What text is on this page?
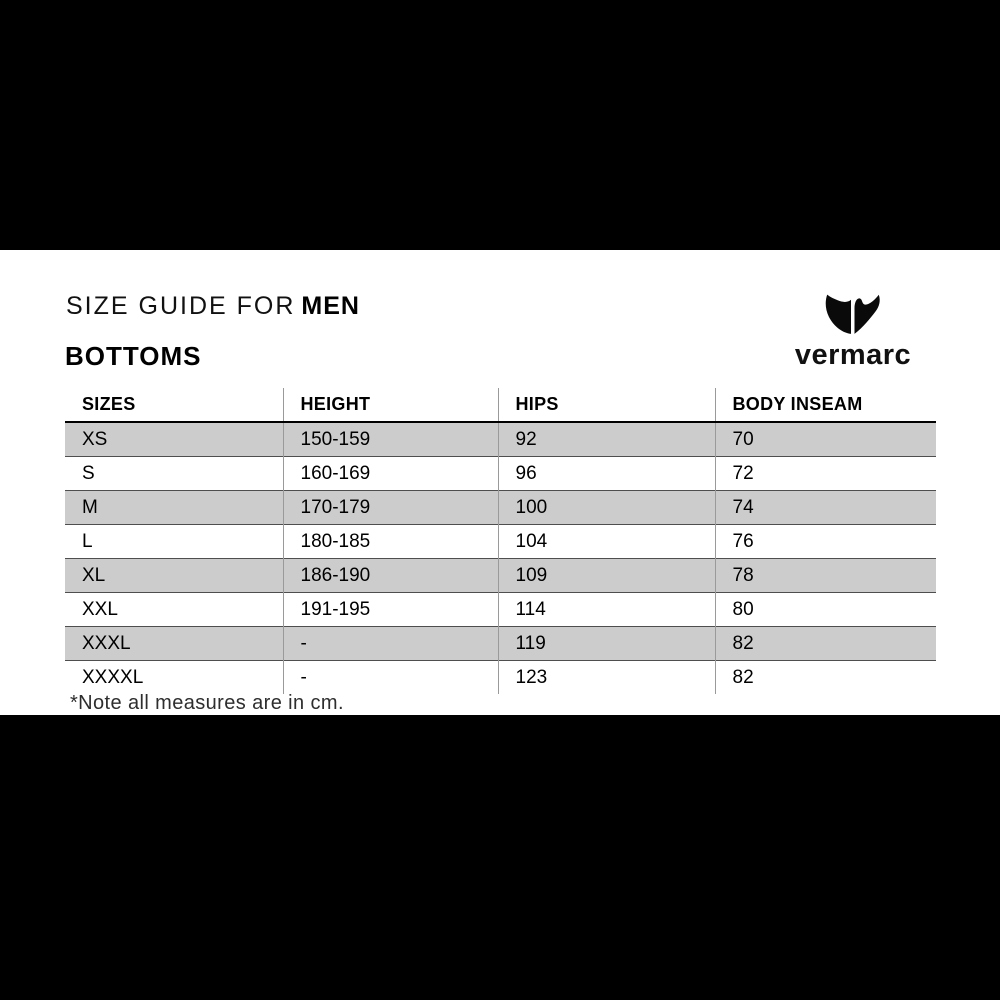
SIZE GUIDE FOR MEN
BOTTOMS	vermarc
SIZES	HEIGHT	HIPS	BODY INSEAM
XS	150-159	92	70
S	160-169	96	72
M	170-179	100	74
L	180-185	104	76
XL	186-190	109	78
XXL	191-195	114	80
XXXL	-	119	82
XXXXL	-	123	82
*Note all measures are in cm.
